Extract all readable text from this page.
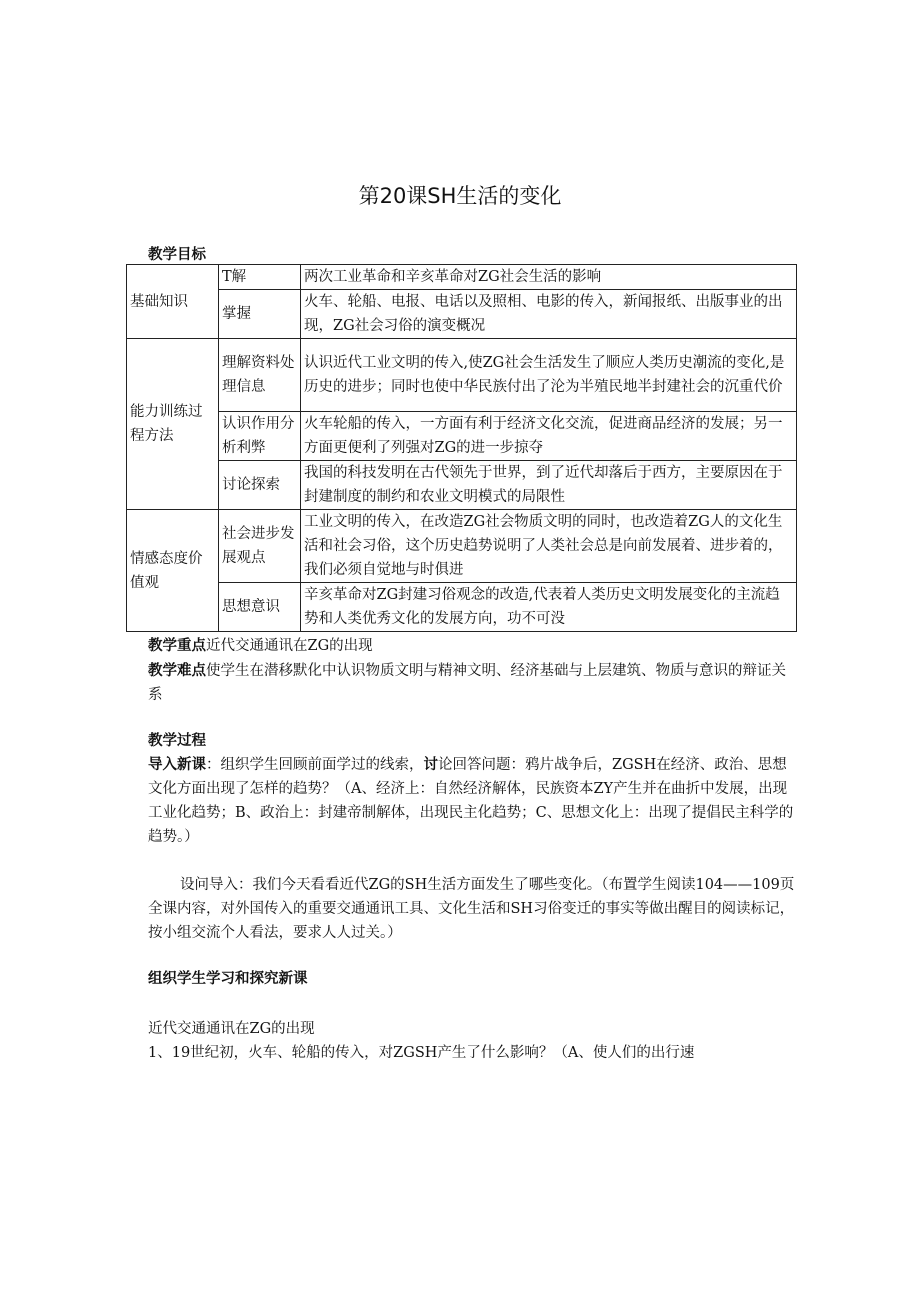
第20课SH生活的变化
教学目标
基础知识	T解	两次工业革命和辛亥革命对ZG社会生活的影响
	掌握	火车、轮船、电报、电话以及照相、电影的传入，新闻报纸、出版事业的出现，ZG社会习俗的演变概况
能力训练过程方法	理解资料处理信息	认识近代工业文明的传入,使ZG社会生活发生了顺应人类历史潮流的变化,是历史的进步；同时也使中华民族付出了沦为半殖民地半封建社会的沉重代价
	认识作用分析利弊	火车轮船的传入，一方面有利于经济文化交流，促进商品经济的发展；另一方面更便利了列强对ZG的进一步掠夺
	讨论探索	我国的科技发明在古代领先于世界，到了近代却落后于西方，主要原因在于封建制度的制约和农业文明模式的局限性
情感态度价值观	社会进步发展观点	工业文明的传入，在改造ZG社会物质文明的同时，也改造着ZG人的文化生活和社会习俗，这个历史趋势说明了人类社会总是向前发展着、进步着的，我们必须自觉地与时俱进
	思想意识	辛亥革命对ZG封建习俗观念的改造,代表着人类历史文明发展变化的主流趋势和人类优秀文化的发展方向，功不可没
教学重点近代交通通讯在ZG的出现
教学难点使学生在潜移默化中认识物质文明与精神文明、经济基础与上层建筑、物质与意识的辩证关系
教学过程
导入新课：组织学生回顾前面学过的线索，讨论回答问题：鸦片战争后，ZGSH在经济、政治、思想文化方面出现了怎样的趋势？（A、经济上：自然经济解体，民族资本ZY产生并在曲折中发展，出现工业化趋势；B、政治上：封建帝制解体，出现民主化趋势；C、思想文化上：出现了提倡民主科学的趋势。）
设问导入：我们今天看看近代ZG的SH生活方面发生了哪些变化。（布置学生阅读104——109页全课内容，对外国传入的重要交通通讯工具、文化生活和SH习俗变迁的事实等做出醒目的阅读标记，按小组交流个人看法，要求人人过关。）
组织学生学习和探究新课
近代交通通讯在ZG的出现
1、19世纪初，火车、轮船的传入，对ZGSH产生了什么影响？（A、使人们的出行速
